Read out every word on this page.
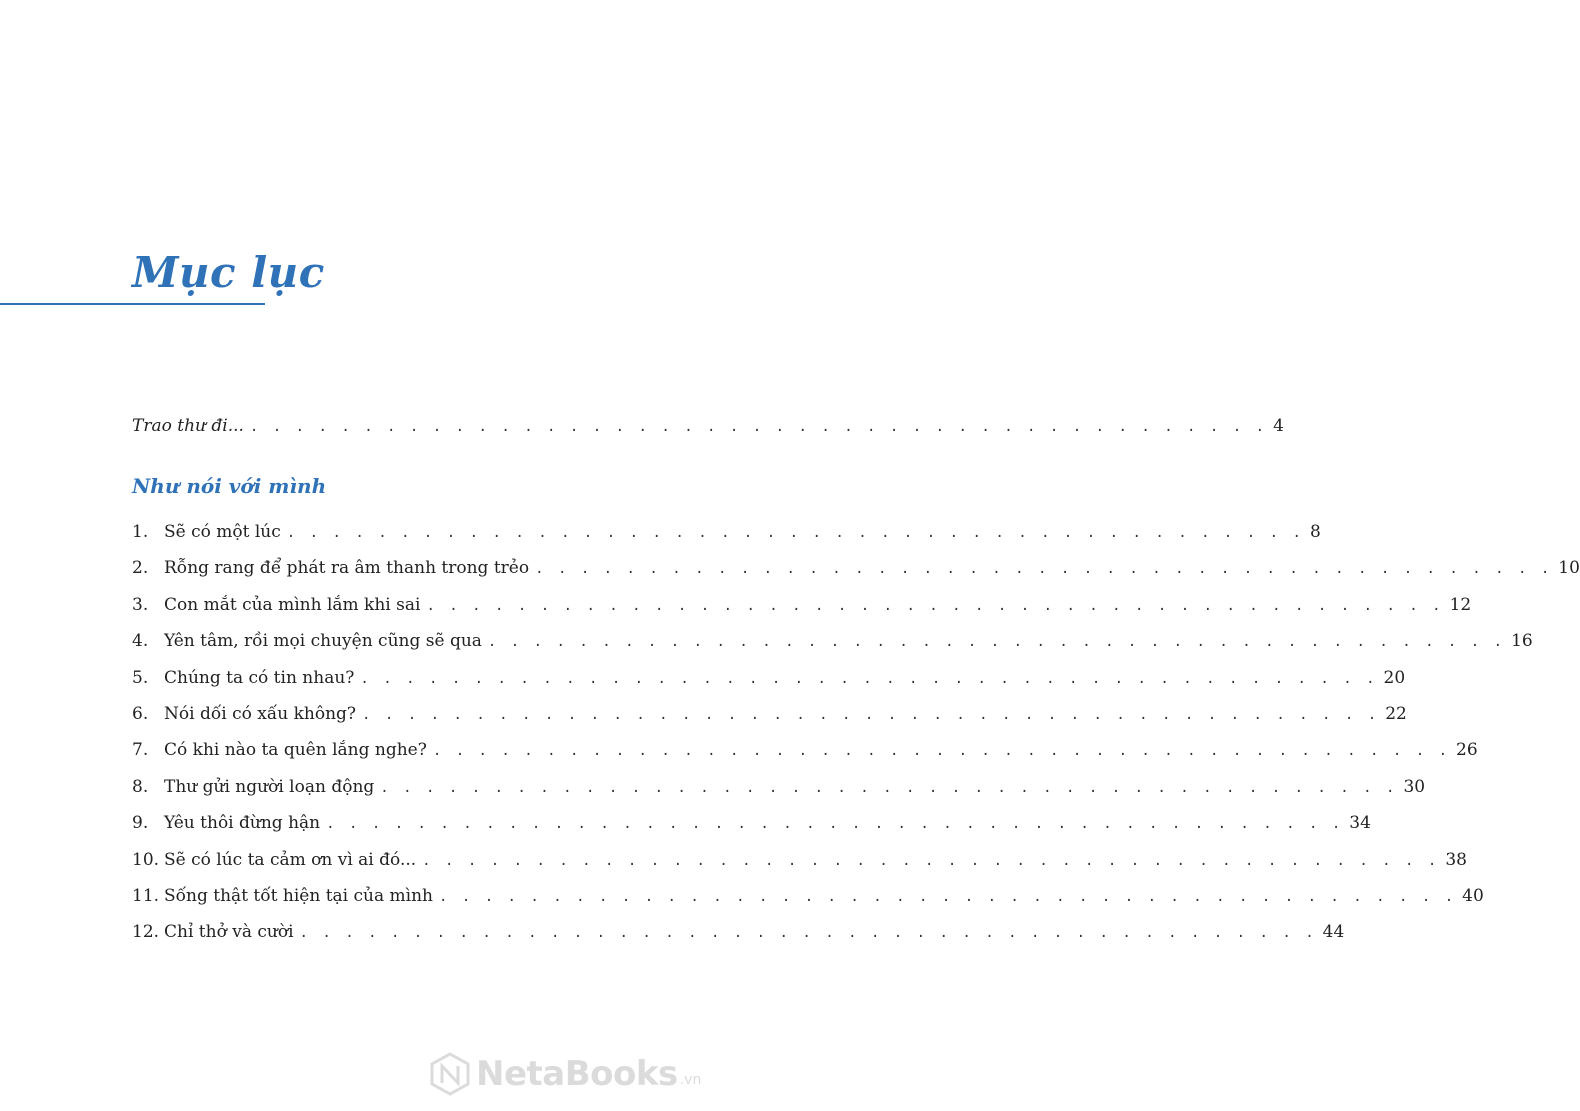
Mục lục
Trao thư đi... . . . . . . . . . . . . . . . . . . . . . . . . . . . . . . . . . . . . . . . . . . . . . 4
Như nói với mình
1. Sẽ có một lúc . . . . . . . . . . . . . . . . . . . . . . . . . . . . . . . . . . . . . . . . . . . . . 8
2. Rỗng rang để phát ra âm thanh trong trẻo . . . . . . . . . . . . . . . . . . . . . . . . . . . . . . . . . . . . . . . . . . . . . 10
3. Con mắt của mình lắm khi sai . . . . . . . . . . . . . . . . . . . . . . . . . . . . . . . . . . . . . . . . . . . . . 12
4. Yên tâm, rồi mọi chuyện cũng sẽ qua . . . . . . . . . . . . . . . . . . . . . . . . . . . . . . . . . . . . . . . . . . . . . 16
5. Chúng ta có tin nhau? . . . . . . . . . . . . . . . . . . . . . . . . . . . . . . . . . . . . . . . . . . . . . 20
6. Nói dối có xấu không? . . . . . . . . . . . . . . . . . . . . . . . . . . . . . . . . . . . . . . . . . . . . . 22
7. Có khi nào ta quên lắng nghe? . . . . . . . . . . . . . . . . . . . . . . . . . . . . . . . . . . . . . . . . . . . . . 26
8. Thư gửi người loạn động . . . . . . . . . . . . . . . . . . . . . . . . . . . . . . . . . . . . . . . . . . . . . 30
9. Yêu thôi đừng hận . . . . . . . . . . . . . . . . . . . . . . . . . . . . . . . . . . . . . . . . . . . . . 34
10. Sẽ có lúc ta cảm ơn vì ai đó... . . . . . . . . . . . . . . . . . . . . . . . . . . . . . . . . . . . . . . . . . . . . . 38
11. Sống thật tốt hiện tại của mình . . . . . . . . . . . . . . . . . . . . . . . . . . . . . . . . . . . . . . . . . . . . . 40
12. Chỉ thở và cười . . . . . . . . . . . . . . . . . . . . . . . . . . . . . . . . . . . . . . . . . . . . . 44
NetaBooks .vn
